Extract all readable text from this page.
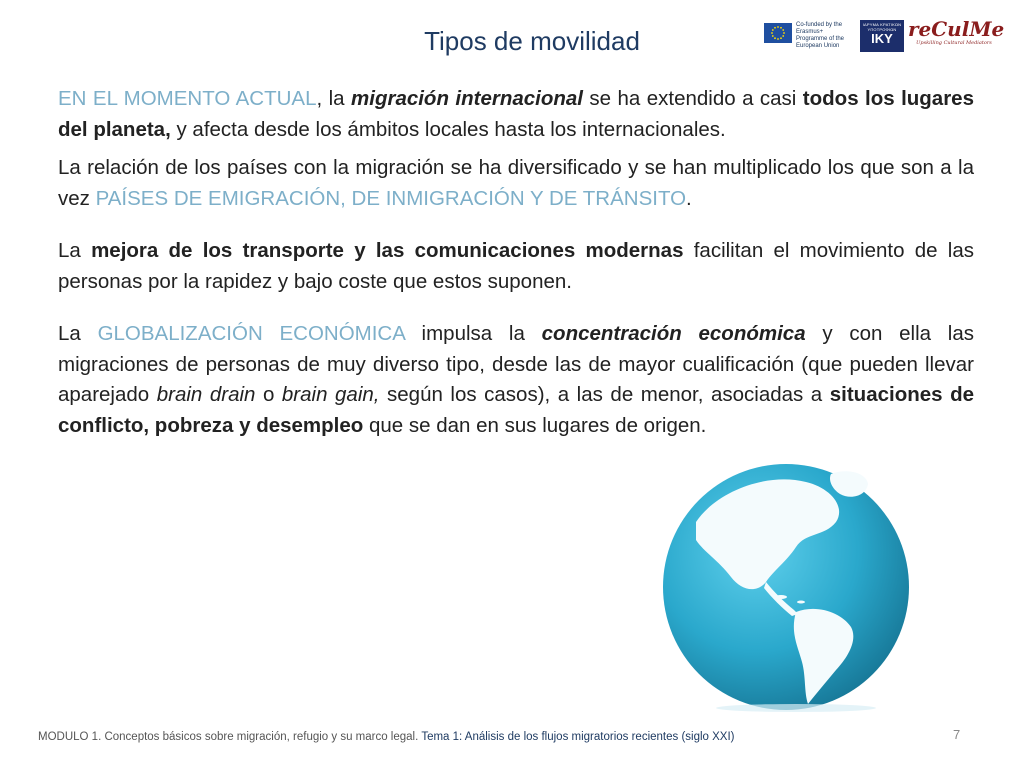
Tipos de movilidad
Co-funded by the Erasmus+ Programme of the European Union
ΙΔΡΥΜΑ ΚΡΑΤΙΚΩΝ ΥΠΟΤΡΟΦΙΩΝ
IKY reCulMe
Upskilling Cultural Mediators

EN EL MOMENTO ACTUAL, la migración internacional se ha extendido a casi todos los lugares del planeta, y afecta desde los ámbitos locales hasta los internacionales.

La relación de los países con la migración se ha diversificado y se han multiplicado los que son a la vez PAÍSES DE EMIGRACIÓN, DE INMIGRACIÓN Y DE TRÁNSITO.

La mejora de los transporte y las comunicaciones modernas facilitan el movimiento de las personas por la rapidez y bajo coste que estos suponen.

La GLOBALIZACIÓN ECONÓMICA impulsa la concentración económica y con ella las migraciones de personas de muy diverso tipo, desde las de mayor cualificación (que pueden llevar aparejado brain drain o brain gain, según los casos), a las de menor, asociadas a situaciones de conflicto, pobreza y desempleo que se dan en sus lugares de origen.

MODULO 1. Conceptos básicos sobre migración, refugio y su marco legal. Tema 1: Análisis de los flujos migratorios recientes (siglo XXI)	7
